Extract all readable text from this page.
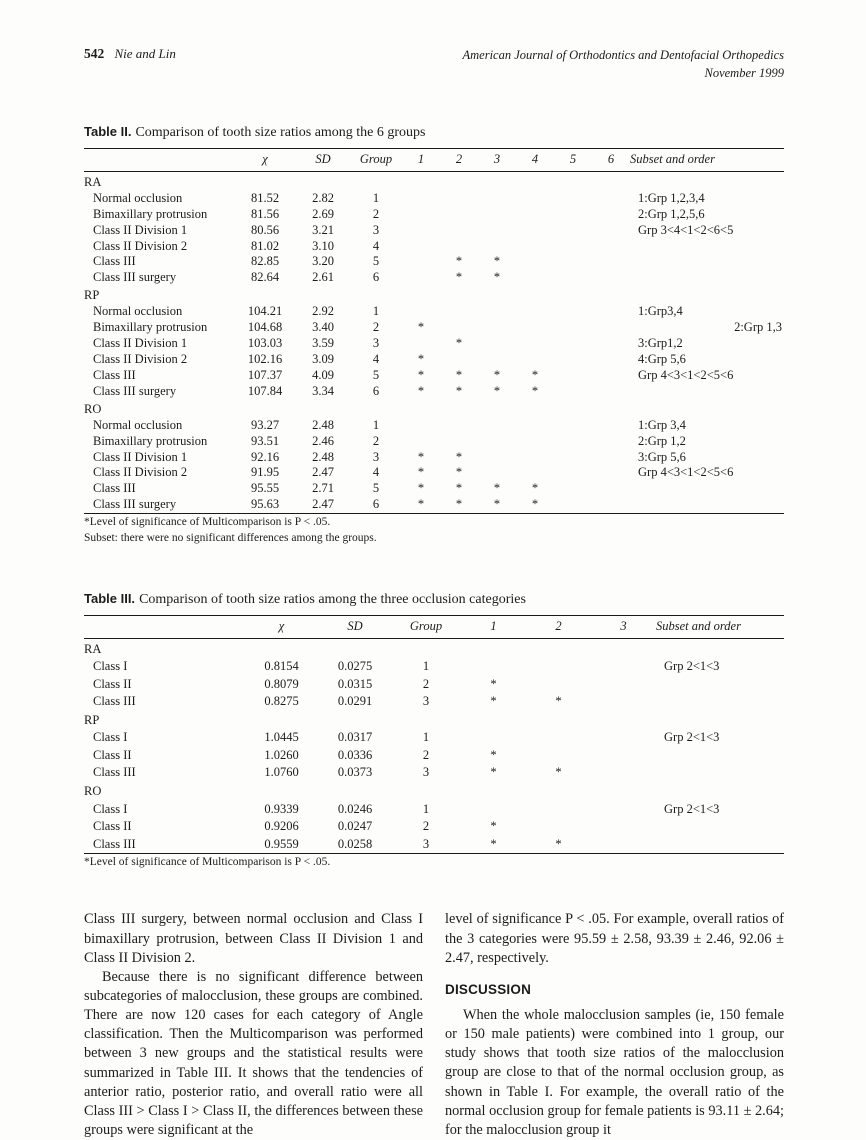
542 Nie and Lin	American Journal of Orthodontics and Dentofacial Orthopedics
November 1999
Table II. Comparison of tooth size ratios among the 6 groups
	χ	SD	Group	1	2	3	4	5	6	Subset and order
RA										
Normal occlusion	81.52	2.82	1							1:Grp 1,2,3,4
Bimaxillary protrusion	81.56	2.69	2							2:Grp 1,2,5,6
Class II Division 1	80.56	3.21	3							Grp 3<4<1<2<6<5
Class II Division 2	81.02	3.10	4							
Class III	82.85	3.20	5		*	*				
Class III surgery	82.64	2.61	6		*	*				
RP										
Normal occlusion	104.21	2.92	1							1:Grp3,4
Bimaxillary protrusion	104.68	3.40	2	*						2:Grp 1,3
Class II Division 1	103.03	3.59	3		*					3:Grp1,2
Class II Division 2	102.16	3.09	4	*						4:Grp 5,6
Class III	107.37	4.09	5	*	*	*	*			Grp 4<3<1<2<5<6
Class III surgery	107.84	3.34	6	*	*	*	*			
RO										
Normal occlusion	93.27	2.48	1							1:Grp 3,4
Bimaxillary protrusion	93.51	2.46	2							2:Grp 1,2
Class II Division 1	92.16	2.48	3	*	*					3:Grp 5,6
Class II Division 2	91.95	2.47	4	*	*					Grp 4<3<1<2<5<6
Class III	95.55	2.71	5	*	*	*	*			
Class III surgery	95.63	2.47	6	*	*	*	*			
*Level of significance of Multicomparison is P < .05.
Subset: there were no significant differences among the groups.
Table III. Comparison of tooth size ratios among the three occlusion categories
	χ	SD	Group	1	2	3	Subset and order
RA							
Class I	0.8154	0.0275	1				Grp 2<1<3
Class II	0.8079	0.0315	2	*			
Class III	0.8275	0.0291	3	*	*		
RP							
Class I	1.0445	0.0317	1				Grp 2<1<3
Class II	1.0260	0.0336	2	*			
Class III	1.0760	0.0373	3	*	*		
RO							
Class I	0.9339	0.0246	1				Grp 2<1<3
Class II	0.9206	0.0247	2	*			
Class III	0.9559	0.0258	3	*	*		
*Level of significance of Multicomparison is P < .05.

Class III surgery, between normal occlusion and Class I bimaxillary protrusion, between Class II Division 1 and Class II Division 2.

Because there is no significant difference between subcategories of malocclusion, these groups are combined. There are now 120 cases for each category of Angle classification. Then the Multicomparison was performed between 3 new groups and the statistical results were summarized in Table III. It shows that the tendencies of anterior ratio, posterior ratio, and overall ratio were all Class III > Class I > Class II, the differences between these groups were significant at the

level of significance P < .05. For example, overall ratios of the 3 categories were 95.59 ± 2.58, 93.39 ± 2.46, 92.06 ± 2.47, respectively.

DISCUSSION

When the whole malocclusion samples (ie, 150 female or 150 male patients) were combined into 1 group, our study shows that tooth size ratios of the malocclusion group are close to that of the normal occlusion group, as shown in Table I. For example, the overall ratio of the normal occlusion group for female patients is 93.11 ± 2.64; for the malocclusion group it
